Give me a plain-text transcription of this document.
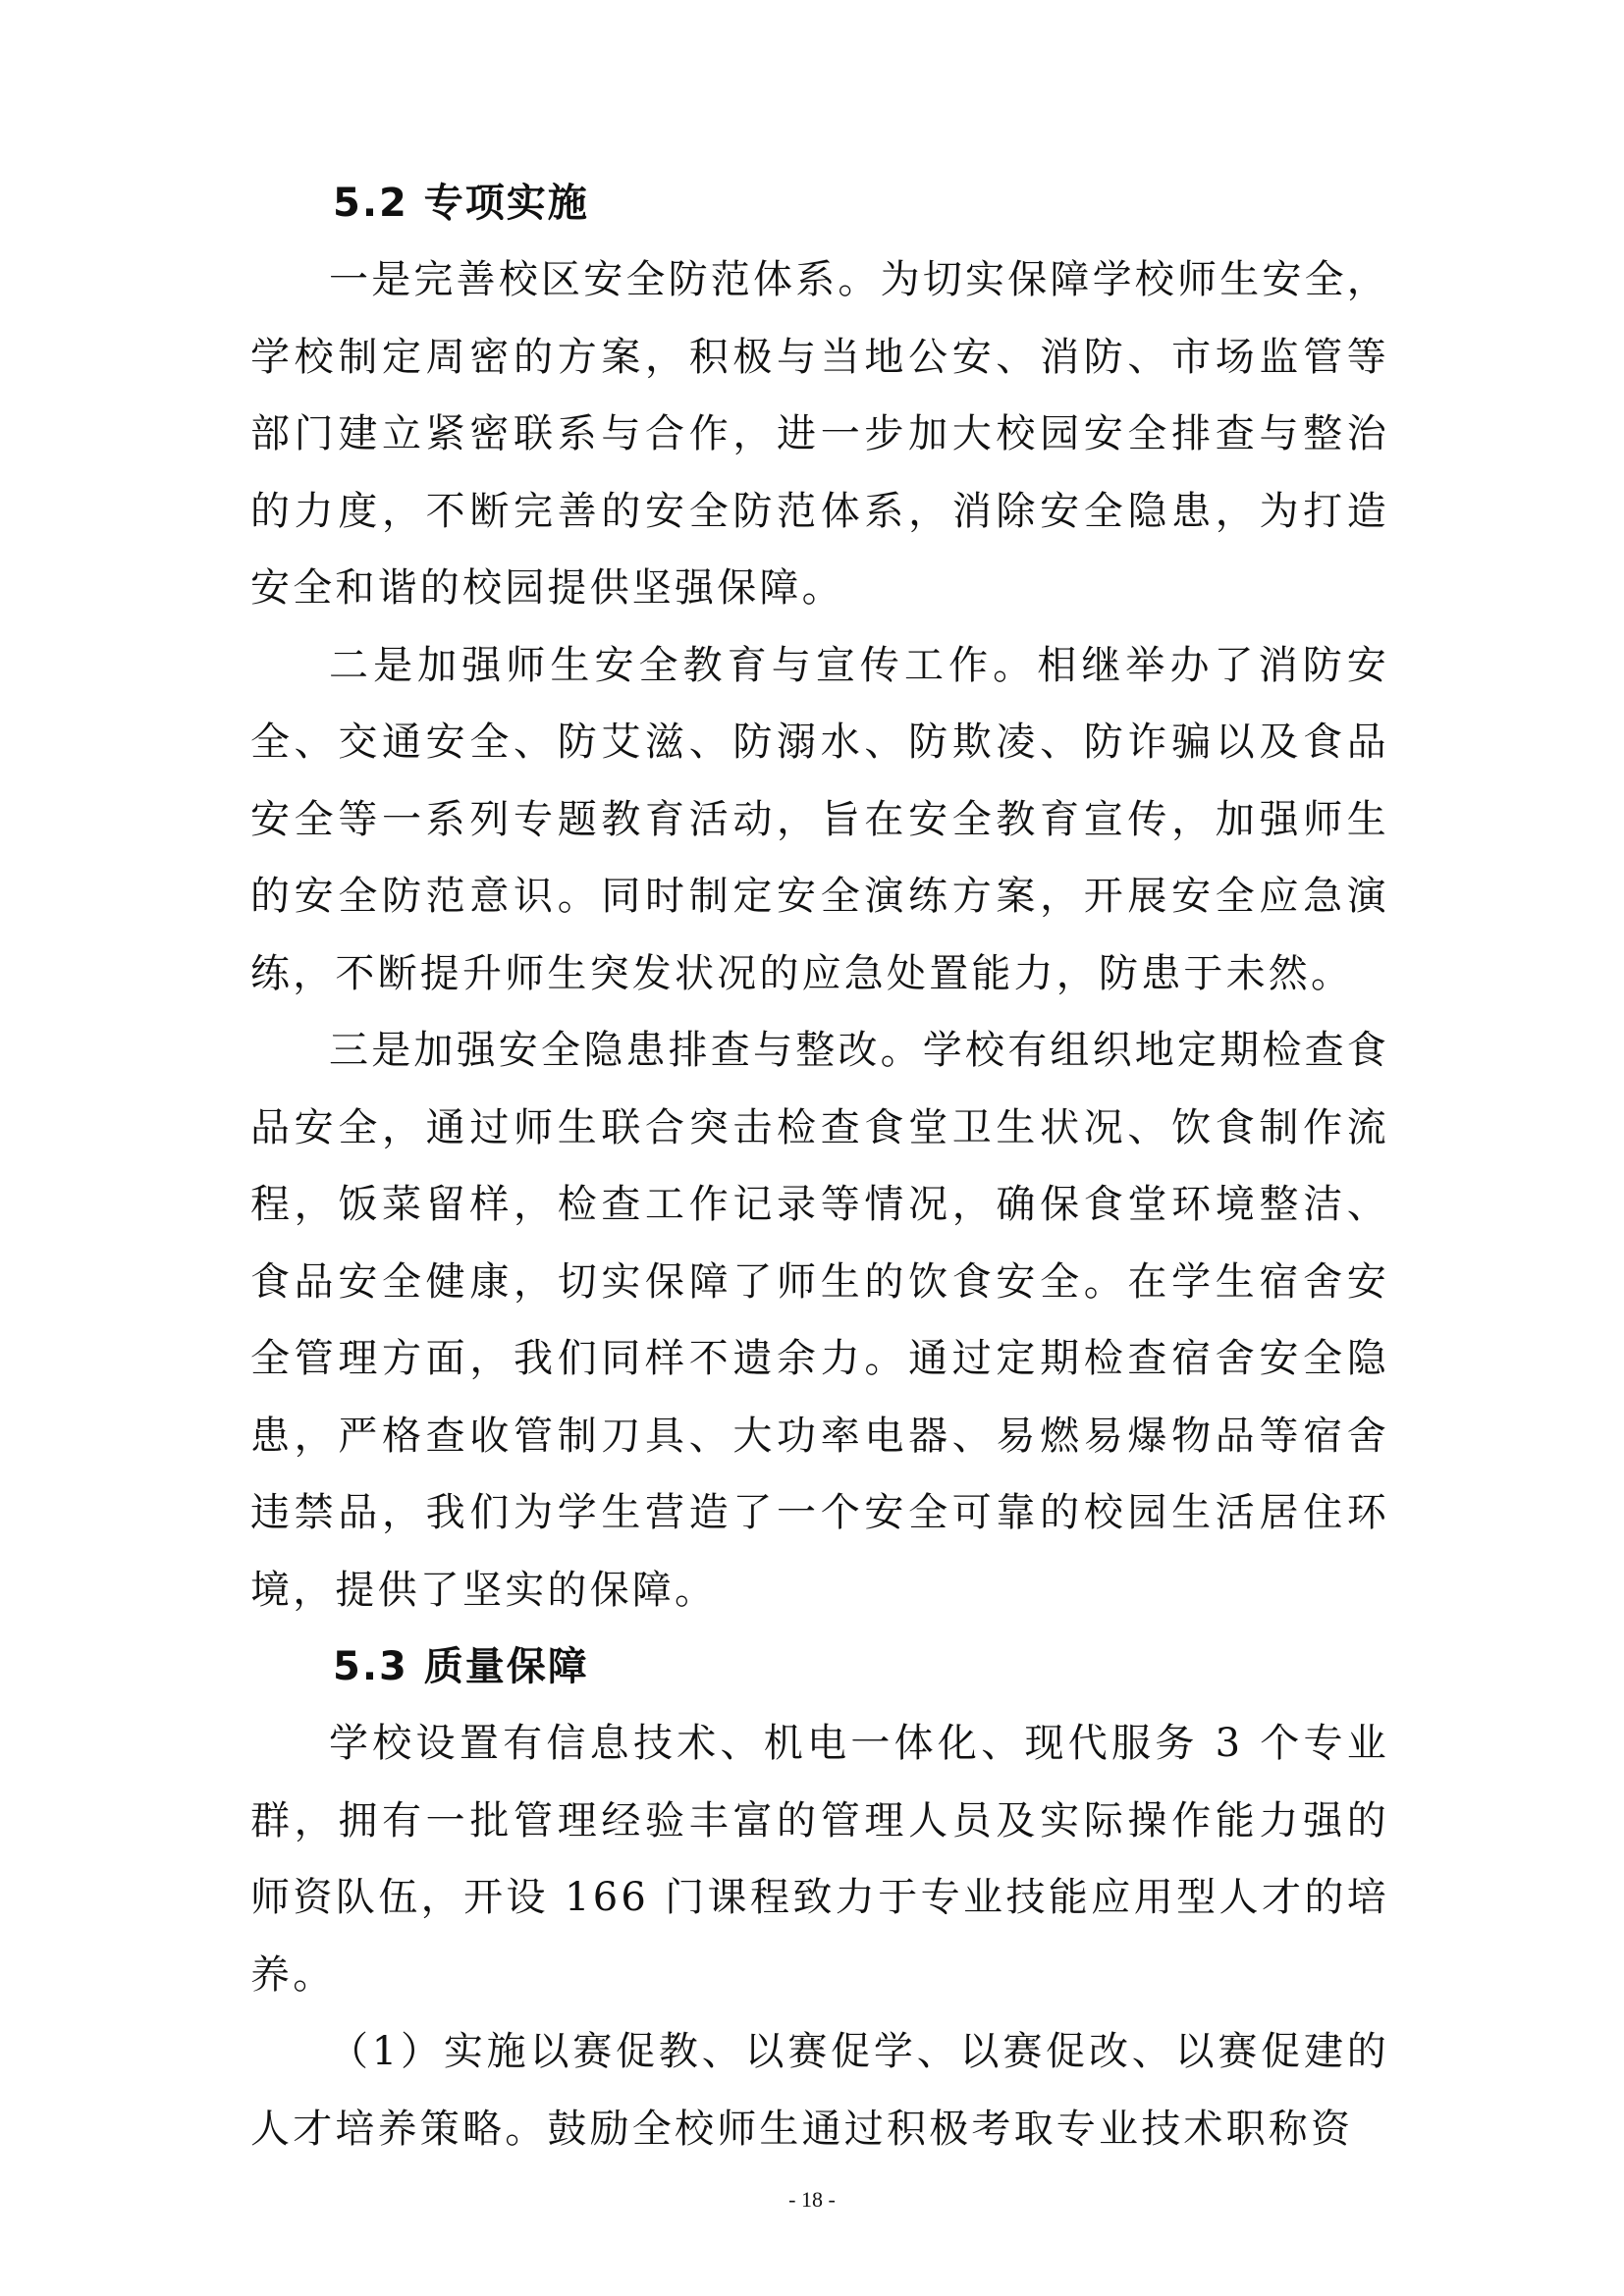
5.2 专项实施

一是完善校区安全防范体系。为切实保障学校师生安全，学校制定周密的方案，积极与当地公安、消防、市场监管等部门建立紧密联系与合作，进一步加大校园安全排查与整治的力度，不断完善的安全防范体系，消除安全隐患，为打造安全和谐的校园提供坚强保障。

二是加强师生安全教育与宣传工作。相继举办了消防安全、交通安全、防艾滋、防溺水、防欺凌、防诈骗以及食品安全等一系列专题教育活动，旨在安全教育宣传，加强师生的安全防范意识。同时制定安全演练方案，开展安全应急演练，不断提升师生突发状况的应急处置能力，防患于未然。

三是加强安全隐患排查与整改。学校有组织地定期检查食品安全，通过师生联合突击检查食堂卫生状况、饮食制作流程，饭菜留样，检查工作记录等情况，确保食堂环境整洁、食品安全健康，切实保障了师生的饮食安全。在学生宿舍安全管理方面，我们同样不遗余力。通过定期检查宿舍安全隐患，严格查收管制刀具、大功率电器、易燃易爆物品等宿舍违禁品，我们为学生营造了一个安全可靠的校园生活居住环境，提供了坚实的保障。

5.3 质量保障

学校设置有信息技术、机电一体化、现代服务 3 个专业群，拥有一批管理经验丰富的管理人员及实际操作能力强的师资队伍，开设 166 门课程致力于专业技能应用型人才的培养。

（1）实施以赛促教、以赛促学、以赛促改、以赛促建的人才培养策略。鼓励全校师生通过积极考取专业技术职称资

- 18 -
